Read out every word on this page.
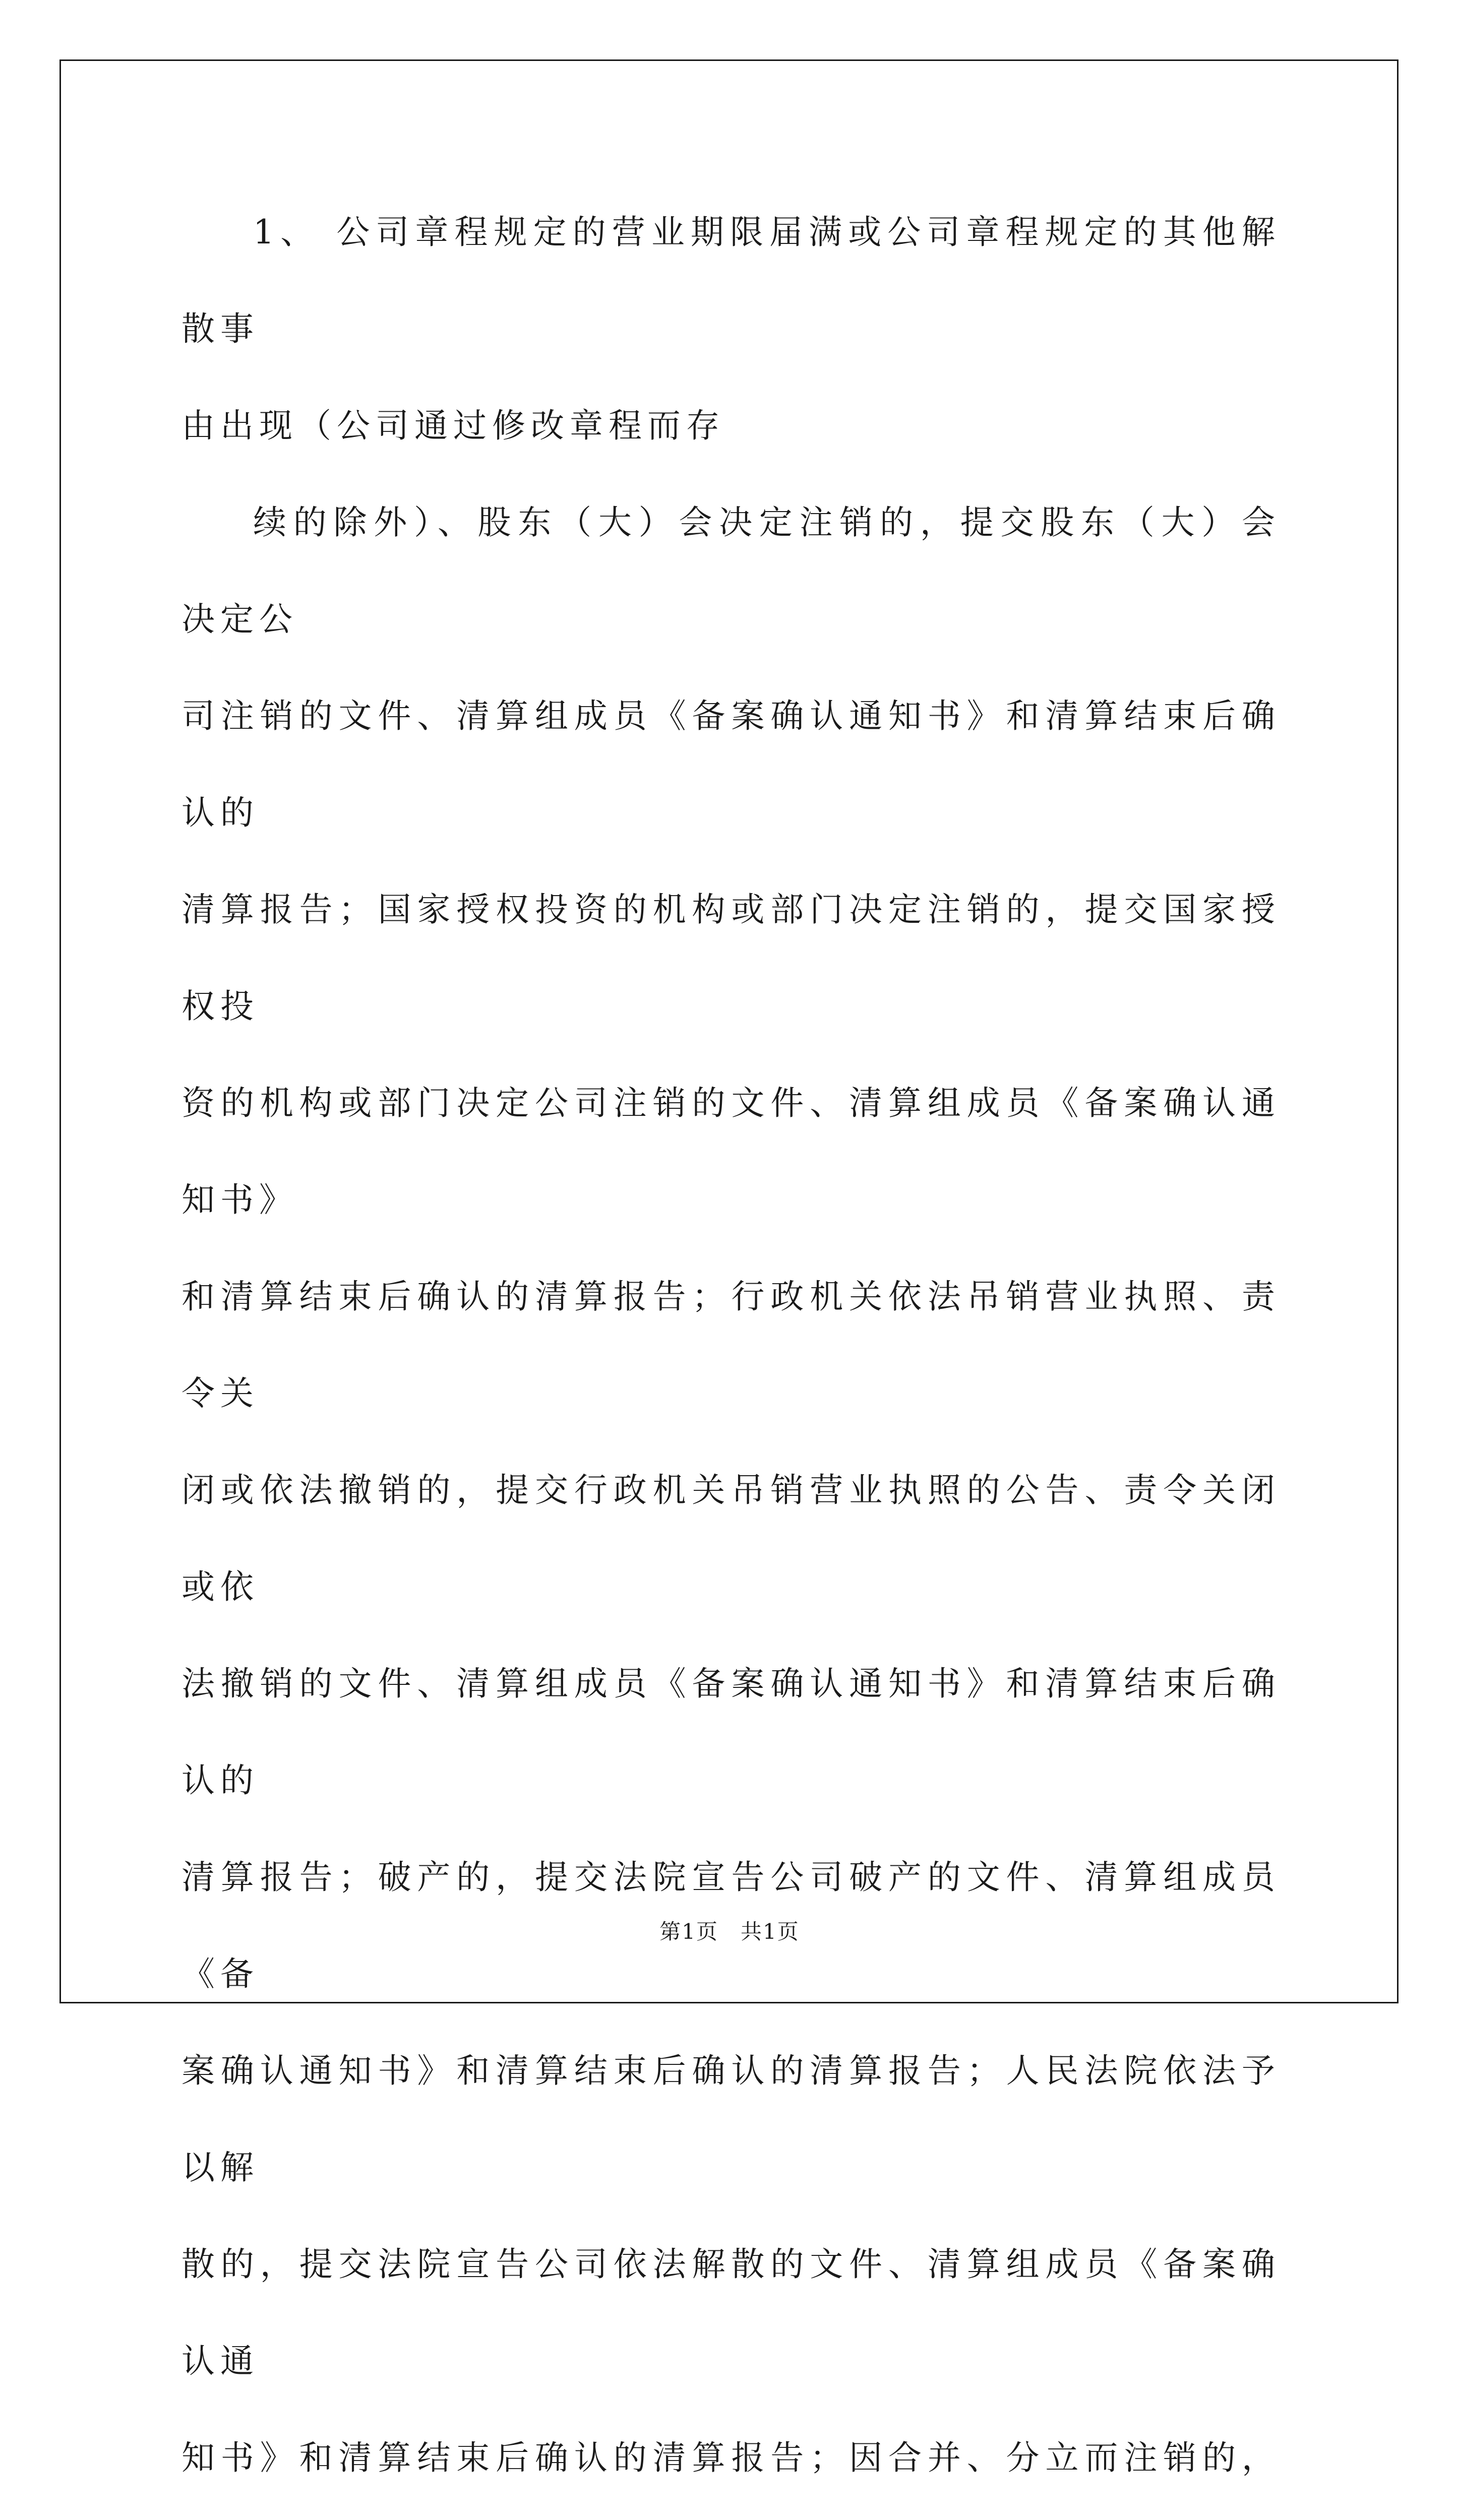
1、 公司章程规定的营业期限届满或公司章程规定的其他解散事
由出现（公司通过修改章程而存
续的除外）、股东（大）会决定注销的，提交股东（大）会决定公
司注销的文件、清算组成员《备案确认通知书》和清算结束后确认的
清算报告；国家授权投资的机构或部门决定注销的，提交国家授权投
资的机构或部门决定公司注销的文件、清算组成员《备案确认通知书》
和清算结束后确认的清算报告；行政机关依法吊销营业执照、责令关
闭或依法撤销的，提交行政机关吊销营业执照的公告、责令关闭或依
法撤销的文件、清算组成员《备案确认通知书》和清算结束后确认的
清算报告；破产的，提交法院宣告公司破产的文件、清算组成员《备
案确认通知书》和清算结束后确认的清算报告；人民法院依法予以解
散的，提交法院宣告公司依法解散的文件、清算组成员《备案确认通
知书》和清算结束后确认的清算报告；因合并、分立而注销的，
第1页　共1页
